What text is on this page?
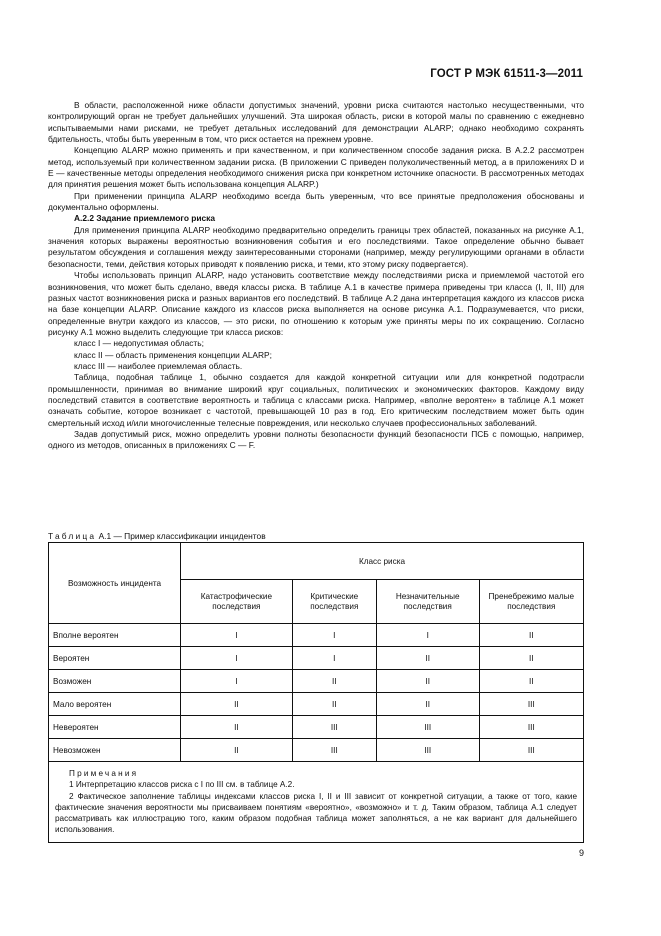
ГОСТ Р МЭК 61511-3—2011

В области, расположенной ниже области допустимых значений, уровни риска считаются настолько несущественными, что контролирующий орган не требует дальнейших улучшений. Эта широкая область, риски в которой малы по сравнению с ежедневно испытываемыми нами рисками, не требует детальных исследований для демонстрации ALARP; однако необходимо сохранять бдительность, чтобы быть уверенным в том, что риск остается на прежнем уровне.

Концепцию ALARP можно применять и при качественном, и при количественном способе задания риска. В А.2.2 рассмотрен метод, используемый при количественном задании риска. (В приложении С приведен полуколичественный метод, а в приложениях D и Е — качественные методы определения необходимого снижения риска при конкретном источнике опасности. В рассмотренных методах для принятия решения может быть использована концепция ALARP.)

При применении принципа ALARP необходимо всегда быть уверенным, что все принятые предположения обоснованы и документально оформлены.

А.2.2 Задание приемлемого риска

Для применения принципа ALARP необходимо предварительно определить границы трех областей, показанных на рисунке А.1, значения которых выражены вероятностью возникновения события и его последствиями. Такое определение обычно бывает результатом обсуждения и соглашения между заинтересованными сторонами (например, между регулирующими органами в области безопасности, теми, действия которых приводят к появлению риска, и теми, кто этому риску подвергается).

Чтобы использовать принцип ALARP, надо установить соответствие между последствиями риска и приемлемой частотой его возникновения, что может быть сделано, введя классы риска. В таблице А.1 в качестве примера приведены три класса (I, II, III) для разных частот возникновения риска и разных вариантов его последствий. В таблице А.2 дана интерпретация каждого из классов риска на базе концепции ALARP. Описание каждого из классов риска выполняется на основе рисунка А.1. Подразумевается, что риски, определенные внутри каждого из классов, — это риски, по отношению к которым уже приняты меры по их сокращению. Согласно рисунку А.1 можно выделить следующие три класса рисков:

класс I — недопустимая область;

класс II — область применения концепции ALARP;

класс III — наиболее приемлемая область.

Таблица, подобная таблице 1, обычно создается для каждой конкретной ситуации или для конкретной подотрасли промышленности, принимая во внимание широкий круг социальных, политических и экономических факторов. Каждому виду последствий ставится в соответствие вероятность и таблица с классами риска. Например, «вполне вероятен» в таблице А.1 может означать событие, которое возникает с частотой, превышающей 10 раз в год. Его критическим последствием может быть один смертельный исход и/или многочисленные телесные повреждения, или несколько случаев профессиональных заболеваний.

Задав допустимый риск, можно определить уровни полноты безопасности функций безопасности ПСБ с помощью, например, одного из методов, описанных в приложениях С — F.

Таблица А.1 — Пример классификации инцидентов
Возможность инцидента	Класс риска			
	Катастрофические последствия	Критические последствия	Незначительные последствия	Пренебрежимо малые последствия
Вполне вероятен	I	I	I	II
Вероятен	I	I	II	II
Возможен	I	II	II	II
Мало вероятен	II	II	II	III
Невероятен	II	III	III	III
Невозможен	II	III	III	III

Примечания

1 Интерпретацию классов риска с I по III см. в таблице А.2.

2 Фактическое заполнение таблицы индексами классов риска I, II и III зависит от конкретной ситуации, а также от того, какие фактические значения вероятности мы присваиваем понятиям «вероятно», «возможно» и т. д. Таким образом, таблица А.1 следует рассматривать как иллюстрацию того, каким образом подобная таблица может заполняться, а не как вариант для дальнейшего использования.				

9
